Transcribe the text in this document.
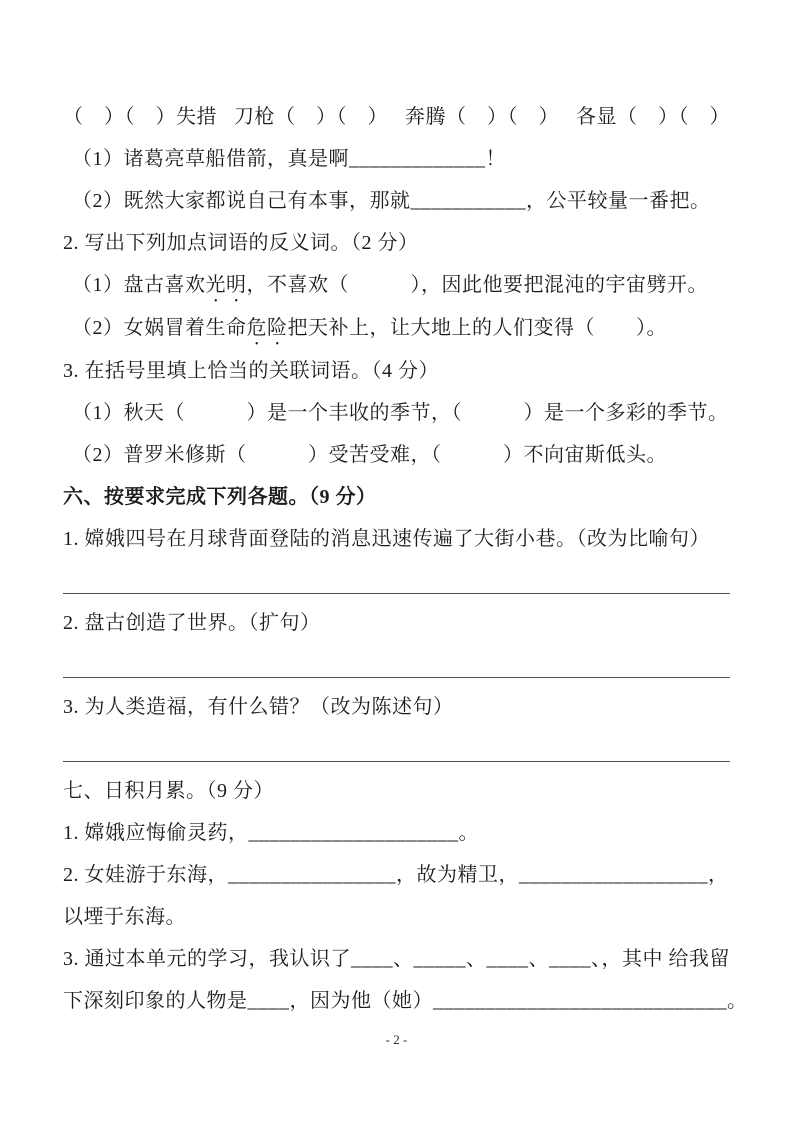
（　）（　）失措 刀枪（　）（　） 奔腾（　）（　） 各显（　）（　）
（1）诸葛亮草船借箭，真是啊_____________！
（2）既然大家都说自己有本事，那就___________，公平较量一番把。
2. 写出下列加点词语的反义词。（2 分）
（1）盘古喜欢光明，不喜欢（　　　），因此他要把混沌的宇宙劈开。
（2）女娲冒着生命危险把天补上，让大地上的人们变得（　　）。
3. 在括号里填上恰当的关联词语。（4 分）
（1）秋天（　　　）是一个丰收的季节，（　　　）是一个多彩的季节。
（2）普罗米修斯（　　　）受苦受难，（　　　）不向宙斯低头。
六、按要求完成下列各题。（9 分）
1. 嫦娥四号在月球背面登陆的消息迅速传遍了大街小巷。（改为比喻句）
2. 盘古创造了世界。（扩句）
3. 为人类造福，有什么错？（改为陈述句）
七、日积月累。（9 分）
1. 嫦娥应悔偷灵药，____________________。
2. 女娃游于东海，________________，故为精卫，__________________，
以堙于东海。
3. 通过本单元的学习，我认识了____、_____、____、____、，其中 给我留
下深刻印象的人物是____，因为他（她）____________________________。
- 2 -
